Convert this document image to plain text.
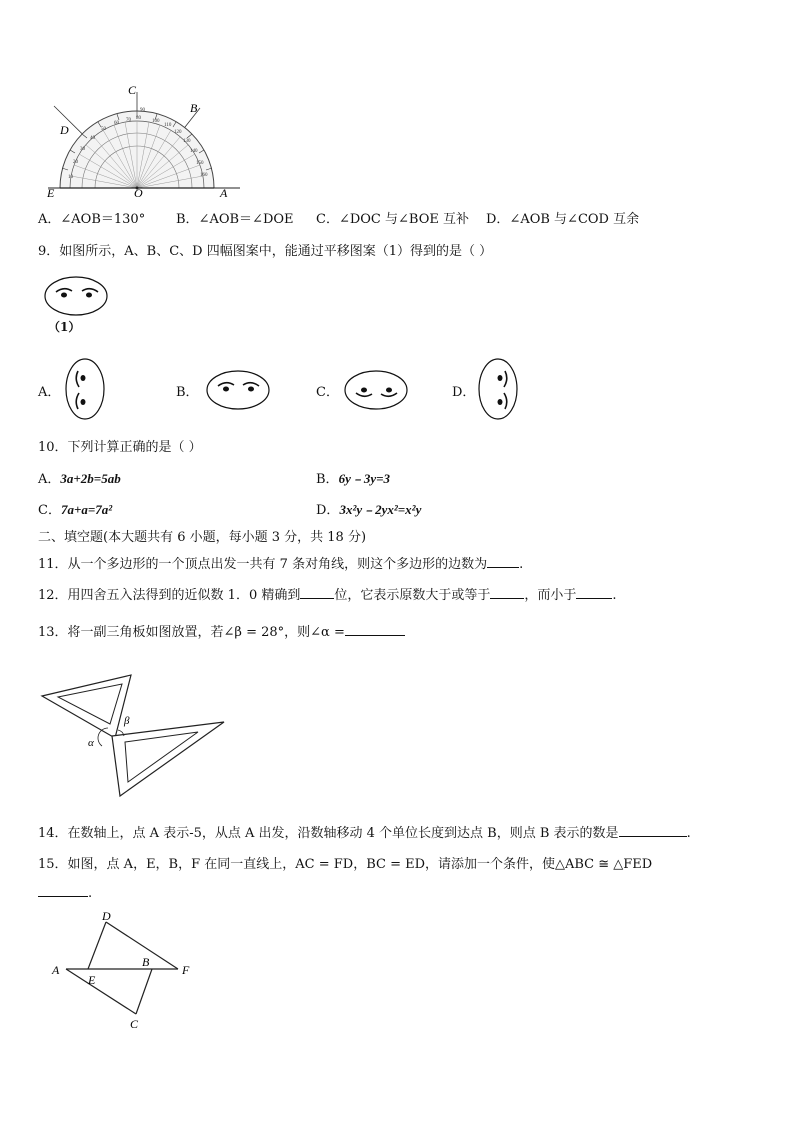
10
20
30
40
50
60
70 80
90
100
110
120
130
140
150
160
C
B
D
E	O	A
A．∠AOB＝130° B．∠AOB＝∠DOE C．∠DOC 与∠BOE 互补 D．∠AOB 与∠COD 互余
9．如图所示，A、B、C、D 四幅图案中，能通过平移图案（1）得到的是（ ）
（1）
A．	B．	C．	D．
10．下列计算正确的是（ ）
A．3a+2b=5ab	B．6y﹣3y=3
C．7a+a=7a²	D．3x²y﹣2yx²=x²y
二、填空题(本大题共有 6 小题，每小题 3 分，共 18 分)
11．从一个多边形的一个顶点出发一共有 7 条对角线，则这个多边形的边数为 .
12．用四舍五入法得到的近似数 1．0 精确到	位，它表示原数大于或等于	，而小于	.
13．将一副三角板如图放置，若∠β = 28°，则∠α =
α
β
14．在数轴上，点 A 表示-5，从点 A 出发，沿数轴移动 4 个单位长度到达点 B，则点 B 表示的数是	.
15．如图，点 A，E，B，F 在同一直线上，AC = FD，BC = ED，请添加一个条件，使△ABC ≅ △FED
.
D
A
E
B
F
C
